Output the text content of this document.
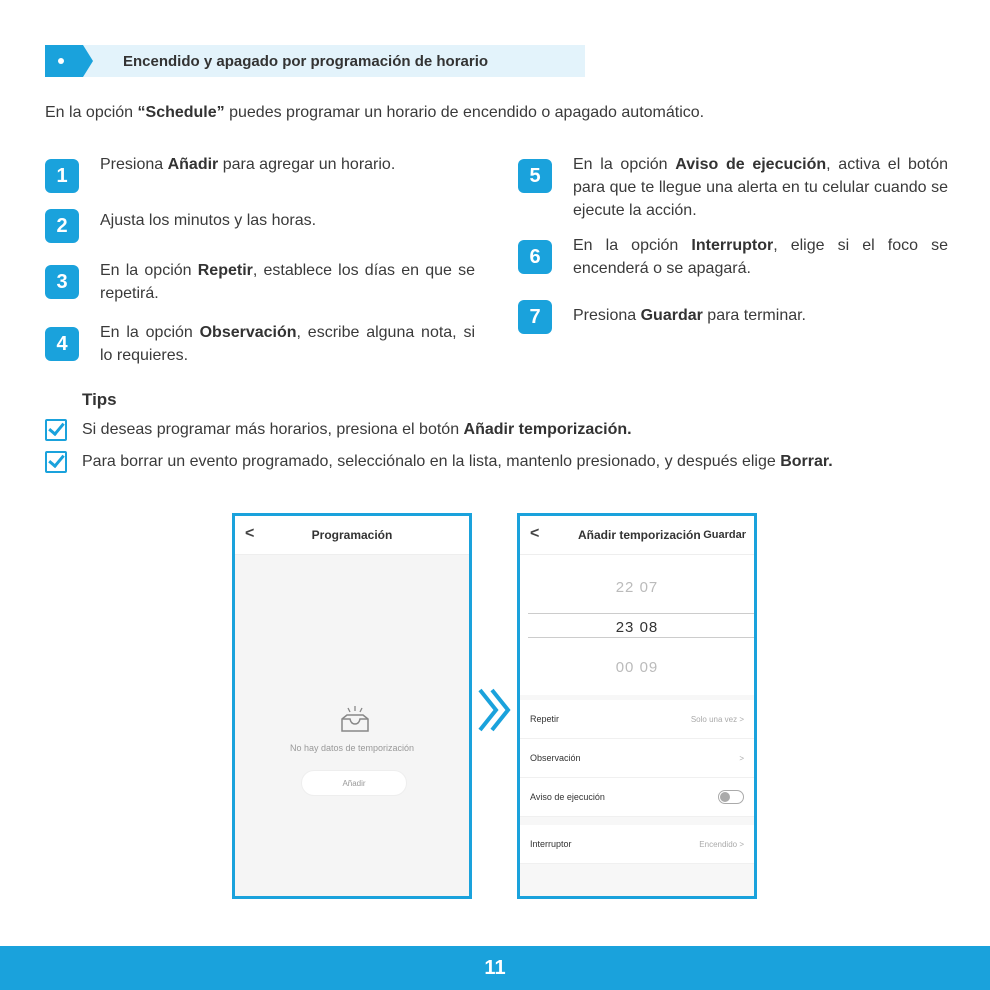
Encendido y apagado por programación de horario
En la opción “Schedule” puedes programar un horario de encendido o apagado automático.
1	Presiona Añadir para agregar un horario.
2	Ajusta los minutos y las horas.
3	En la opción Repetir, establece los días en que se repetirá.
4	En la opción Observación, escribe alguna nota, si lo requieres.
5	En la opción Aviso de ejecución, activa el botón para que te llegue una alerta en tu celular cuando se ejecute la acción.
6	En la opción Interruptor, elige si el foco se encenderá o se apagará.
7	Presiona Guardar para terminar.
Tips
Si deseas programar más horarios, presiona el botón Añadir temporización.
Para borrar un evento programado, selecciónalo en la lista, mantenlo presionado, y después elige Borrar.
<	Programación
No hay datos de temporización
Añadir
<	Añadir temporización Guardar
22 07
23 08
00 09
Repetir	Solo una vez >
Observación	>
Aviso de ejecución
Interruptor	Encendido >
11
